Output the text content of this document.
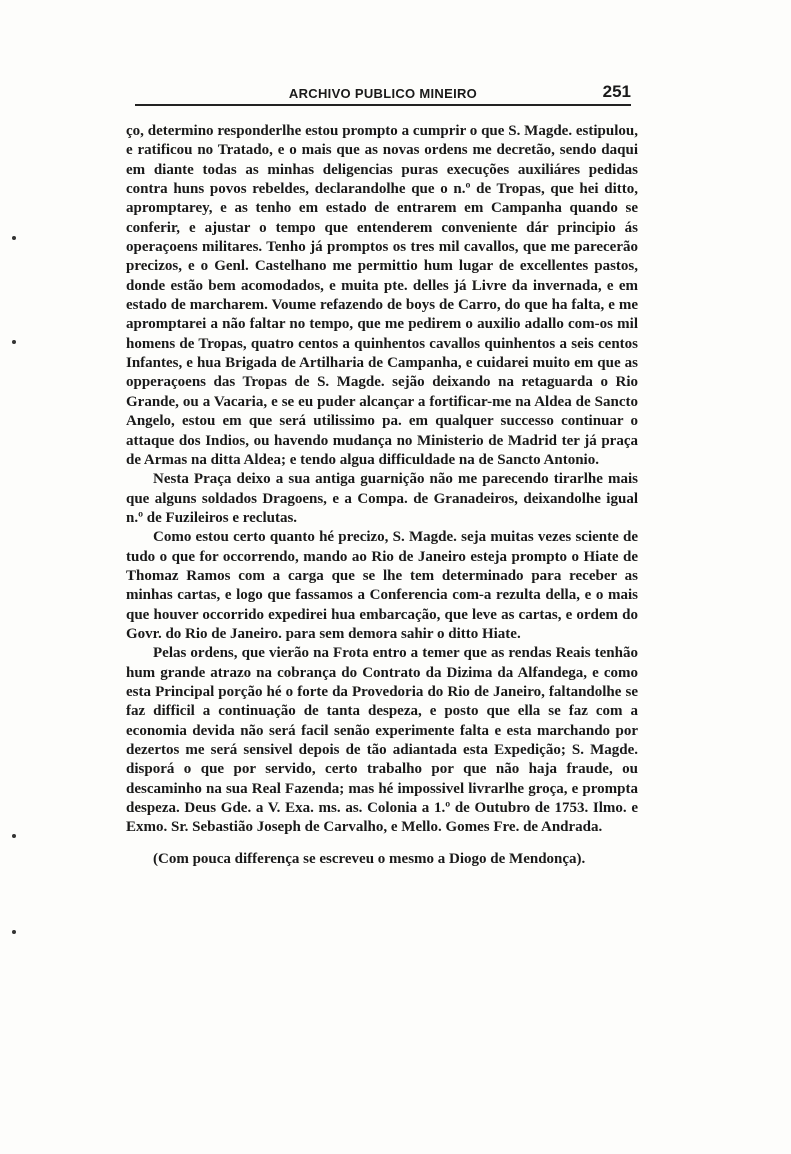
ARCHIVO PUBLICO MINEIRO	251

ço, determino responderlhe estou prompto a cumprir o que S. Magde. estipulou, e ratificou no Tratado, e o mais que as novas ordens me decretão, sendo daqui em diante todas as minhas deligencias puras execuções auxiliáres pedidas contra huns povos rebeldes, declarandolhe que o n.º de Tropas, que hei ditto, apromptarey, e as tenho em estado de entrarem em Campanha quando se conferir, e ajustar o tempo que entenderem conveniente dár principio ás operaçoens militares. Tenho já promptos os tres mil cavallos, que me parecerão precizos, e o Genl. Castelhano me permittio hum lugar de excellentes pastos, donde estão bem acomodados, e muita pte. delles já Livre da invernada, e em estado de marcharem. Voume refazendo de boys de Carro, do que ha falta, e me apromptarei a não faltar no tempo, que me pedirem o auxilio adallo com-os mil homens de Tropas, quatro centos a quinhentos cavallos quinhentos a seis centos Infantes, e hua Brigada de Artilharia de Campanha, e cuidarei muito em que as opperaçoens das Tropas de S. Magde. sejão deixando na retaguarda o Rio Grande, ou a Vacaria, e se eu puder alcançar a fortificar-me na Aldea de Sancto Angelo, estou em que será utilissimo pa. em qualquer successo continuar o attaque dos Indios, ou havendo mudança no Ministerio de Madrid ter já praça de Armas na ditta Aldea; e tendo algua difficuldade na de Sancto Antonio.

Nesta Praça deixo a sua antiga guarnição não me parecendo tirarlhe mais que alguns soldados Dragoens, e a Compa. de Granadeiros, deixandolhe igual n.º de Fuzileiros e reclutas.

Como estou certo quanto hé precizo, S. Magde. seja muitas vezes sciente de tudo o que for occorrendo, mando ao Rio de Janeiro esteja prompto o Hiate de Thomaz Ramos com a carga que se lhe tem determinado para receber as minhas cartas, e logo que fassamos a Conferencia com-a rezulta della, e o mais que houver occorrido expedirei hua embarcação, que leve as cartas, e ordem do Govr. do Rio de Janeiro. para sem demora sahir o ditto Hiate.

Pelas ordens, que vierão na Frota entro a temer que as rendas Reais tenhão hum grande atrazo na cobrança do Contrato da Dizima da Alfandega, e como esta Principal porção hé o forte da Provedoria do Rio de Janeiro, faltandolhe se faz difficil a continuação de tanta despeza, e posto que ella se faz com a economia devida não será facil senão experimente falta e esta marchando por dezertos me será sensivel depois de tão adiantada esta Expedição; S. Magde. disporá o que por servido, certo trabalho por que não haja fraude, ou descaminho na sua Real Fazenda; mas hé impossivel livrarlhe groça, e prompta despeza. Deus Gde. a V. Exa. ms. as. Colonia a 1.º de Outubro de 1753. Ilmo. e Exmo. Sr. Sebastião Joseph de Carvalho, e Mello. Gomes Fre. de Andrada.

(Com pouca differença se escreveu o mesmo a Diogo de Mendonça).
